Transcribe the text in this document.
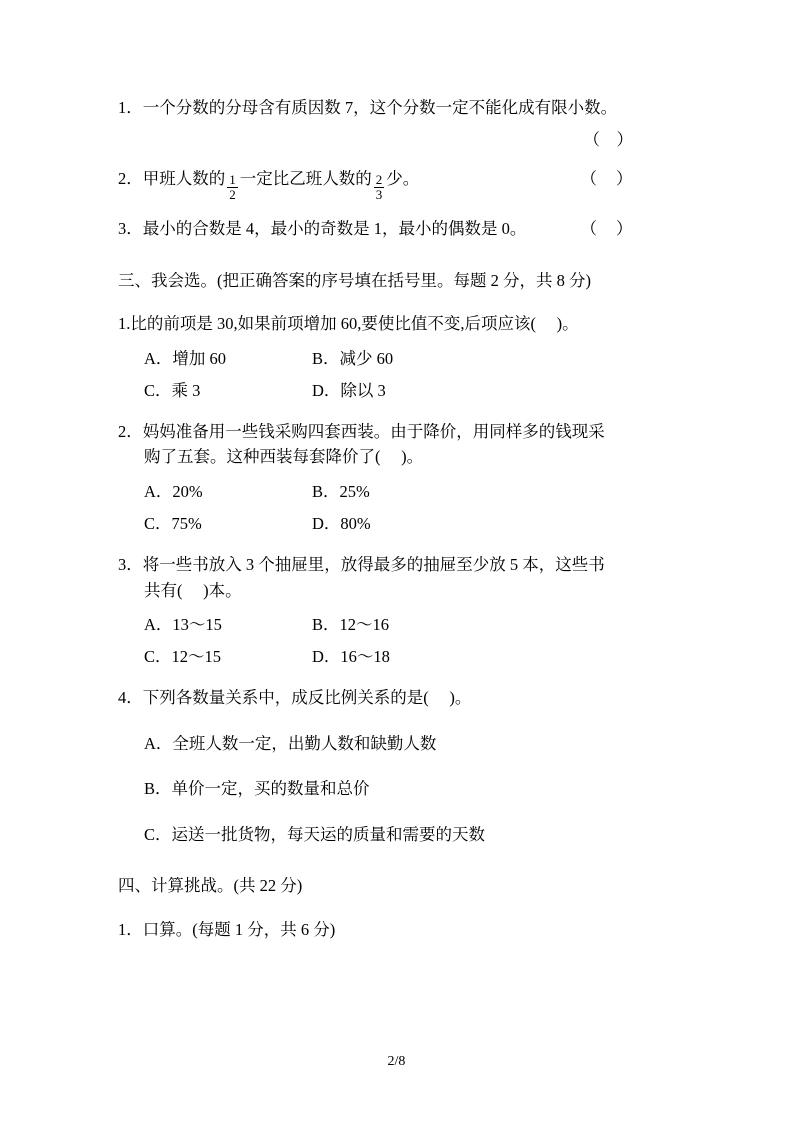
1．一个分数的分母含有质因数 7，这个分数一定不能化成有限小数。
（    ）
2． 甲班人数的 $\frac{1}{2}$ 一定比乙班人数的 $\frac{2}{3}$ 少。	（    ）
3． 最小的合数是 4，最小的奇数是 1，最小的偶数是 0。	（    ）
三、我会选。(把正确答案的序号填在括号里。每题 2 分，共 8 分)
1.比的前项是 30,如果前项增加 60,要使比值不变,后项应该(     )。
A．增加 60	B．减少 60
C．乘 3	D．除以 3
2．妈妈准备用一些钱采购四套西装。由于降价，用同样多的钱现采
购了五套。这种西装每套降价了(     )。
A．20%	B．25%
C．75%	D．80%
3．将一些书放入 3 个抽屉里，放得最多的抽屉至少放 5 本，这些书
共有(     )本。
A．13～15	B．12～16
C．12～15	D．16～18
4．下列各数量关系中，成反比例关系的是(     )。
A．全班人数一定，出勤人数和缺勤人数
B．单价一定，买的数量和总价
C．运送一批货物，每天运的质量和需要的天数
四、计算挑战。(共 22 分)
1．口算。(每题 1 分，共 6 分)
2/8
